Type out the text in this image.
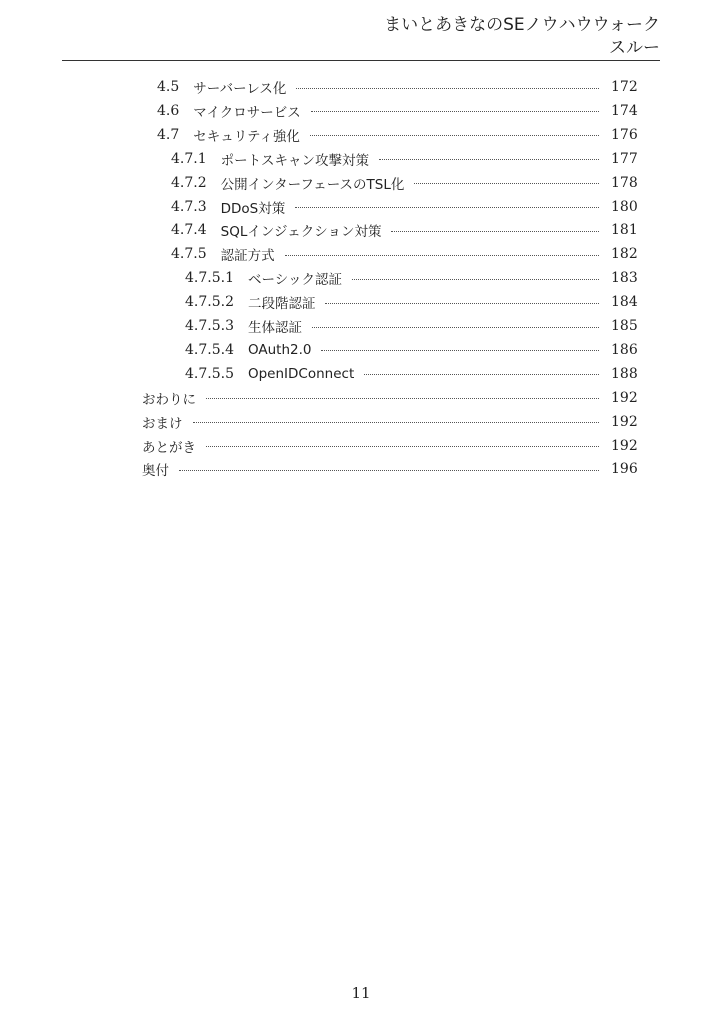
まいとあきなのSEノウハウウォーク
スルー
4.5 サーバーレス化	172
4.6 マイクロサービス	174
4.7 セキュリティ強化	176
4.7.1 ポートスキャン攻撃対策	177
4.7.2 公開インターフェースのTSL化	178
4.7.3 DDoS対策	180
4.7.4 SQLインジェクション対策	181
4.7.5 認証方式	182
4.7.5.1 ベーシック認証	183
4.7.5.2 二段階認証	184
4.7.5.3 生体認証	185
4.7.5.4 OAuth2.0	186
4.7.5.5 OpenIDConnect	188
おわりに	192
おまけ	192
あとがき	192
奥付	196
11
